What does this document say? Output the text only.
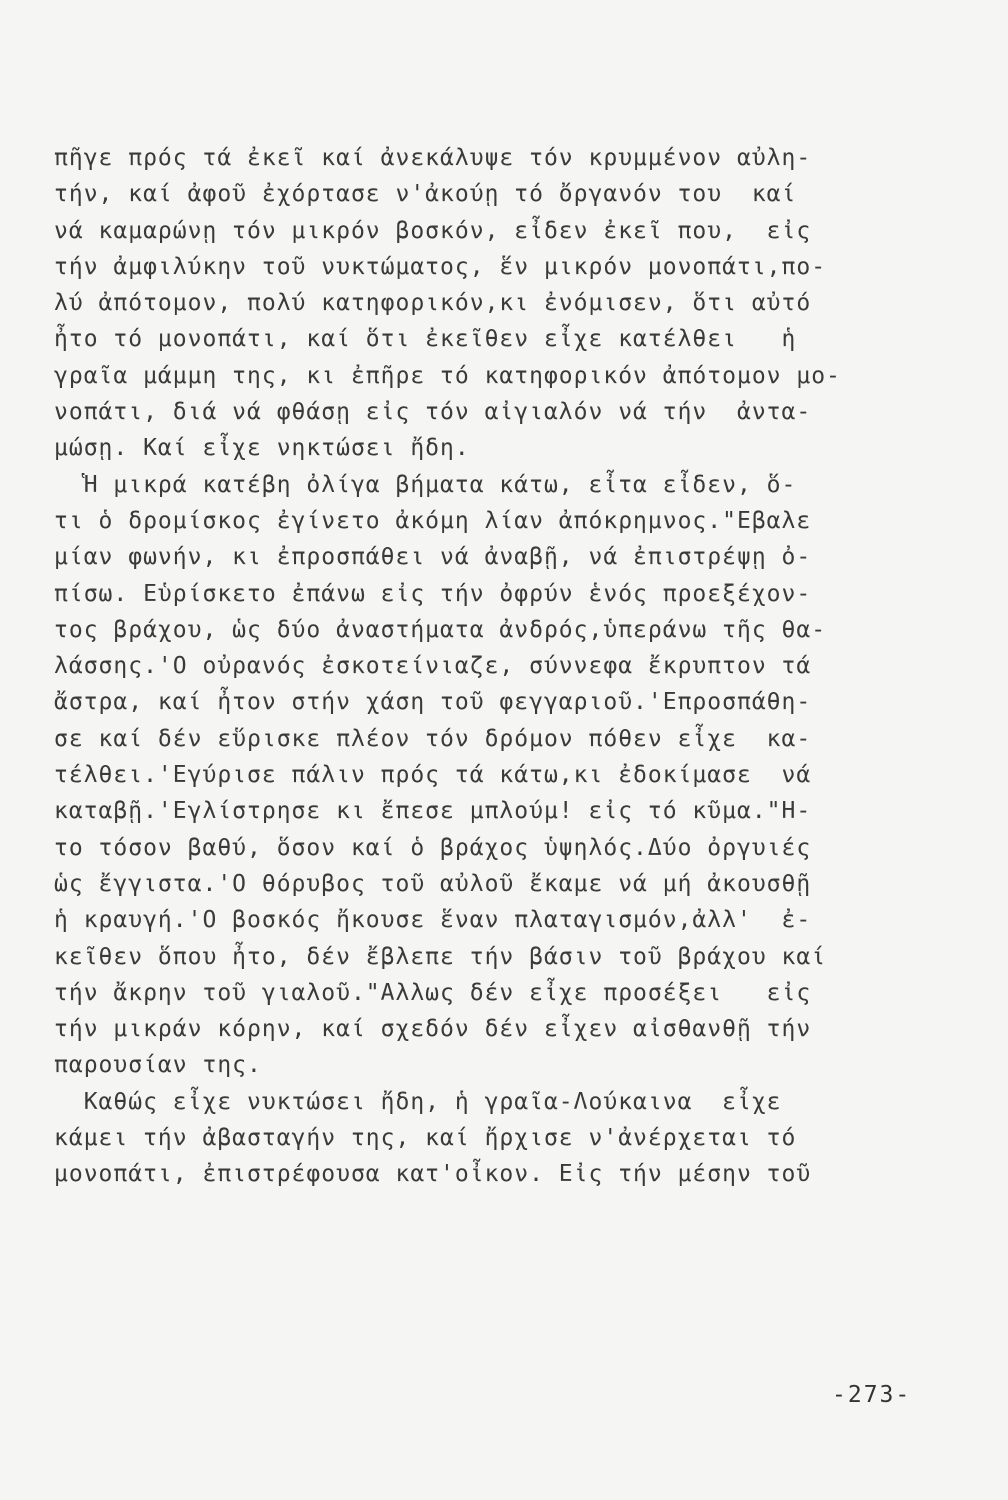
πῆγε πρός τά ἐκεῖ καί ἀνεκάλυψε τόν κρυμμένον αὐλη-
τήν, καί ἀφοῦ ἐχόρτασε ν'ἀκούῃ τό ὄργανόν του  καί
νά καμαρώνῃ τόν μικρόν βοσκόν, εἶδεν ἐκεῖ που,  εἰς
τήν ἀμφιλύκην τοῦ νυκτώματος, ἕν μικρόν μονοπάτι,πο-
λύ ἀπότομον, πολύ κατηφορικόν,κι ἐνόμισεν, ὅτι αὐτό
ἦτο τό μονοπάτι, καί ὅτι ἐκεῖθεν εἶχε κατέλθει   ἡ
γραῖα μάμμη της, κι ἐπῆρε τό κατηφορικόν ἀπότομον μο-
νοπάτι, διά νά φθάσῃ εἰς τόν αἰγιαλόν νά τήν  ἀντα-
μώσῃ. Καί εἶχε νηκτώσει ἤδη.
Ἡ μικρά κατέβη ὀλίγα βήματα κάτω, εἶτα εἶδεν, ὅ-
τι ὁ δρομίσκος ἐγίνετο ἀκόμη λίαν ἀπόκρημνος."Εβαλε
μίαν φωνήν, κι ἐπροσπάθει νά ἀναβῇ, νά ἐπιστρέψῃ ὀ-
πίσω. Εὑρίσκετο ἐπάνω εἰς τήν ὀφρύν ἑνός προεξέχον-
τος βράχου, ὡς δύο ἀναστήματα ἀνδρός,ὑπεράνω τῆς θα-
λάσσης.'Ο οὐρανός ἐσκοτείνιαζε, σύννεφα ἔκρυπτον τά
ἄστρα, καί ἦτον στήν χάση τοῦ φεγγαριοῦ.'Επροσπάθη-
σε καί δέν εὕρισκε πλέον τόν δρόμον πόθεν εἶχε  κα-
τέλθει.'Εγύρισε πάλιν πρός τά κάτω,κι ἐδοκίμασε  νά
καταβῇ.'Εγλίστρησε κι ἔπεσε μπλούμ! εἰς τό κῦμα."Η-
το τόσον βαθύ, ὅσον καί ὁ βράχος ὑψηλός.Δύο ὀργυιές
ὡς ἔγγιστα.'Ο θόρυβος τοῦ αὐλοῦ ἔκαμε νά μή ἀκουσθῇ
ἡ κραυγή.'Ο βοσκός ἤκουσε ἕναν πλαταγισμόν,ἀλλ'  ἐ-
κεῖθεν ὅπου ἦτο, δέν ἔβλεπε τήν βάσιν τοῦ βράχου καί
τήν ἄκρην τοῦ γιαλοῦ."Αλλως δέν εἶχε προσέξει   εἰς
τήν μικράν κόρην, καί σχεδόν δέν εἶχεν αἰσθανθῇ τήν
παρουσίαν της.
Καθώς εἶχε νυκτώσει ἤδη, ἡ γραῖα-Λούκαινα  εἶχε
κάμει τήν ἀβασταγήν της, καί ἤρχισε ν'ἀνέρχεται τό
μονοπάτι, ἐπιστρέφουσα κατ'οἶκον. Εἰς τήν μέσην τοῦ
-273-
